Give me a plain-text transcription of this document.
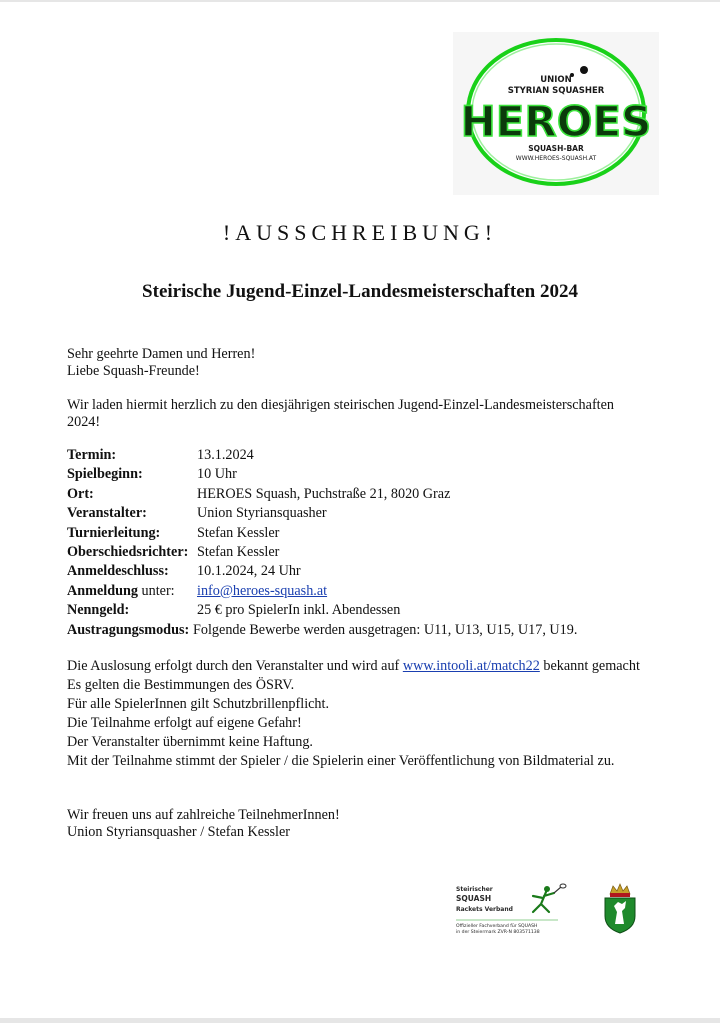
UNION
STYRIAN SQUASHER
HEROES
SQUASH-BAR
WWW.HEROES-SQUASH.AT
!AUSSCHREIBUNG!
Steirische Jugend-Einzel-Landesmeisterschaften 2024
Sehr geehrte Damen und Herren!
Liebe Squash-Freunde!
Wir laden hiermit herzlich zu den diesjährigen steirischen Jugend-Einzel-Landesmeisterschaften 2024!
Termin:	13.1.2024
Spielbeginn:	10 Uhr
Ort:	HEROES Squash, Puchstraße 21, 8020 Graz
Veranstalter:	Union Styriansquasher
Turnierleitung:	Stefan Kessler
Oberschiedsrichter: Stefan Kessler
Anmeldeschluss: 10.1.2024, 24 Uhr
Anmeldung unter: info@heroes-squash.at
Nenngeld:	25 € pro SpielerIn inkl. Abendessen
Austragungsmodus: Folgende Bewerbe werden ausgetragen: U11, U13, U15, U17, U19.
Die Auslosung erfolgt durch den Veranstalter und wird auf www.intooli.at/match22 bekannt gemacht
Es gelten die Bestimmungen des ÖSRV.
Für alle SpielerInnen gilt Schutzbrillenpflicht.
Die Teilnahme erfolgt auf eigene Gefahr!
Der Veranstalter übernimmt keine Haftung.
Mit der Teilnahme stimmt der Spieler / die Spielerin einer Veröffentlichung von Bildmaterial zu.
Wir freuen uns auf zahlreiche TeilnehmerInnen!
Union Styriansquasher / Stefan Kessler
Steirischer
SQUASH
Rackets Verband
Offizieller Fachverband für SQUASH
in der Steiermark ZVR-N 803571138
